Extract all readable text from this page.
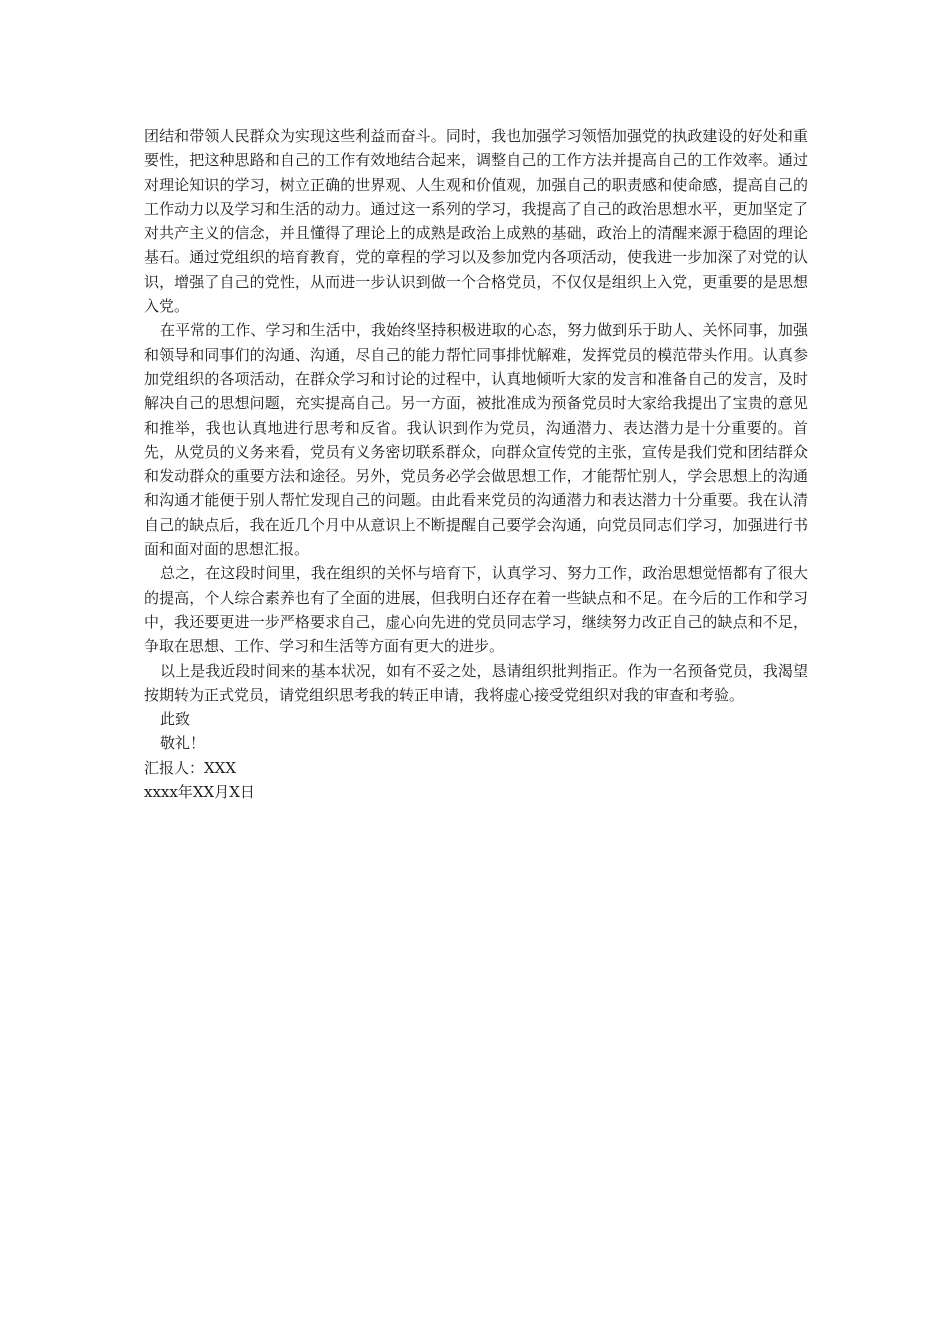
团结和带领人民群众为实现这些利益而奋斗。同时，我也加强学习领悟加强党的执政建设的好处和重要性，把这种思路和自己的工作有效地结合起来，调整自己的工作方法并提高自己的工作效率。通过对理论知识的学习，树立正确的世界观、人生观和价值观，加强自己的职责感和使命感，提高自己的工作动力以及学习和生活的动力。通过这一系列的学习，我提高了自己的政治思想水平，更加坚定了对共产主义的信念，并且懂得了理论上的成熟是政治上成熟的基础，政治上的清醒来源于稳固的理论基石。通过党组织的培育教育，党的章程的学习以及参加党内各项活动，使我进一步加深了对党的认识，增强了自己的党性，从而进一步认识到做一个合格党员，不仅仅是组织上入党，更重要的是思想入党。

在平常的工作、学习和生活中，我始终坚持积极进取的心态，努力做到乐于助人、关怀同事，加强和领导和同事们的沟通、沟通，尽自己的能力帮忙同事排忧解难，发挥党员的模范带头作用。认真参加党组织的各项活动，在群众学习和讨论的过程中，认真地倾听大家的发言和准备自己的发言，及时解决自己的思想问题，充实提高自己。另一方面，被批准成为预备党员时大家给我提出了宝贵的意见和推举，我也认真地进行思考和反省。我认识到作为党员，沟通潜力、表达潜力是十分重要的。首先，从党员的义务来看，党员有义务密切联系群众，向群众宣传党的主张，宣传是我们党和团结群众和发动群众的重要方法和途径。另外，党员务必学会做思想工作，才能帮忙别人，学会思想上的沟通和沟通才能便于别人帮忙发现自己的问题。由此看来党员的沟通潜力和表达潜力十分重要。我在认清自己的缺点后，我在近几个月中从意识上不断提醒自己要学会沟通，向党员同志们学习，加强进行书面和面对面的思想汇报。

总之，在这段时间里，我在组织的关怀与培育下，认真学习、努力工作，政治思想觉悟都有了很大的提高，个人综合素养也有了全面的进展，但我明白还存在着一些缺点和不足。在今后的工作和学习中，我还要更进一步严格要求自己，虚心向先进的党员同志学习，继续努力改正自己的缺点和不足，争取在思想、工作、学习和生活等方面有更大的进步。

以上是我近段时间来的基本状况，如有不妥之处，恳请组织批判指正。作为一名预备党员，我渴望按期转为正式党员，请党组织思考我的转正申请，我将虚心接受党组织对我的审查和考验。

此致

敬礼！

汇报人：XXX

xxxx年XX月X日
